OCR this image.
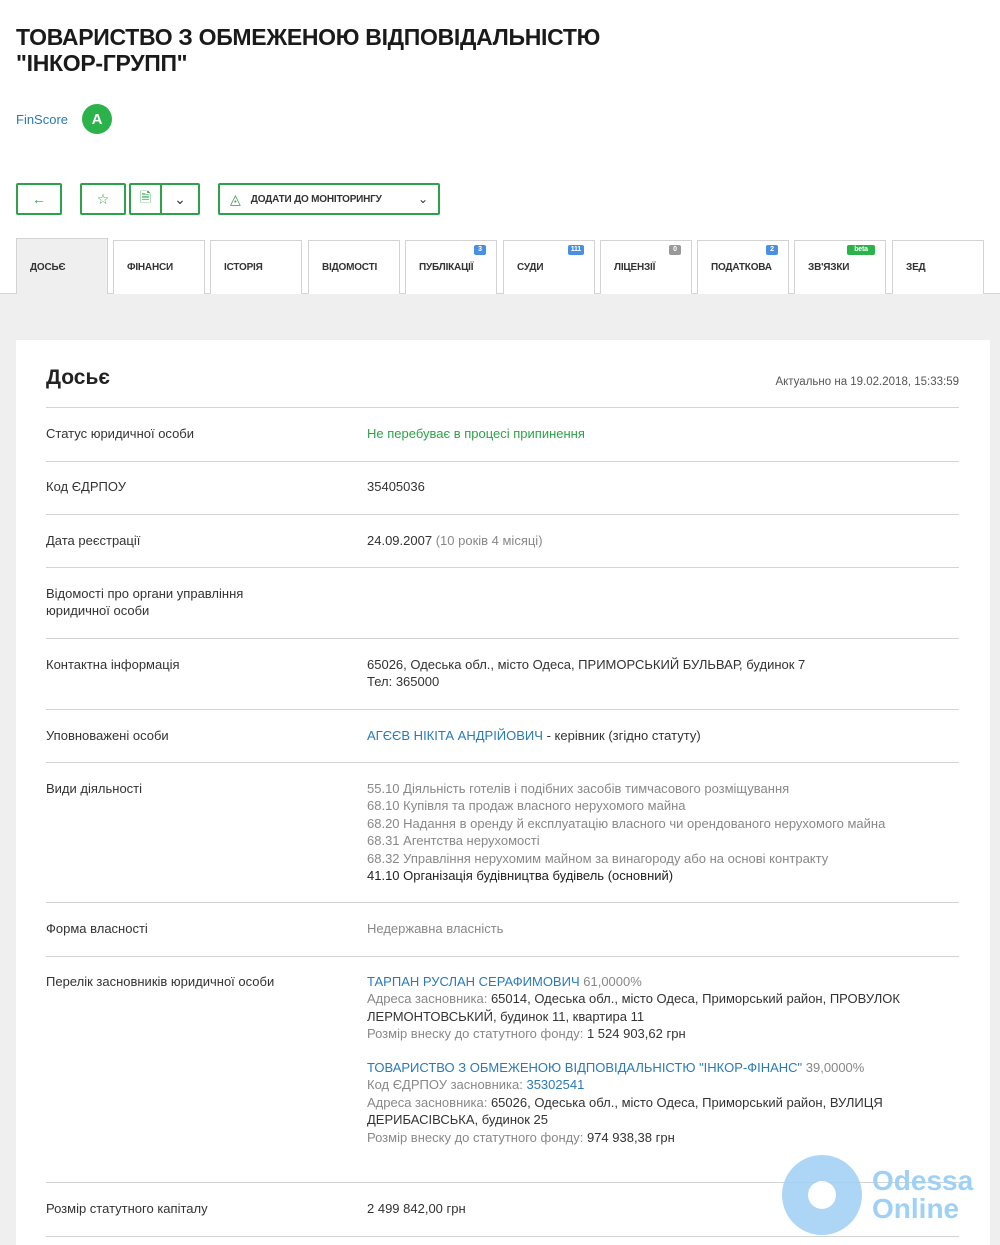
ТОВАРИСТВО З ОБМЕЖЕНОЮ ВІДПОВІДАЛЬНІСТЮ "ІНКОР-ГРУПП"
FinScore	A
←	☆ 🗎 ⌄	◬ ДОДАТИ ДО МОНІТОРИНГУ	⌄
ДОСЬЄ	ФІНАНСИ	ІСТОРІЯ	ВІДОМОСТІ	ПУБЛІКАЦІЇ
3
СУДИ
111
ЛІЦЕНЗІЇ
0
ПОДАТКОВА
2
ЗВ'ЯЗКИ
beta
ЗЕД
Досьє	Актуально на 19.02.2018, 15:33:59
Статус юридичної особи	Не перебуває в процесі припинення
Код ЄДРПОУ	35405036
Дата реєстрації	24.09.2007 (10 років 4 місяці)
Відомості про органи управління юридичної особи
Контактна інформація	65026, Одеська обл., місто Одеса, ПРИМОРСЬКИЙ БУЛЬВАР, будинок 7
Тел: 365000
Уповноважені особи	АГЄЄВ НІКІТА АНДРІЙОВИЧ - керівник (згідно статуту)
Види діяльності	55.10 Діяльність готелів і подібних засобів тимчасового розміщування
68.10 Купівля та продаж власного нерухомого майна
68.20 Надання в оренду й експлуатацію власного чи орендованого нерухомого майна
68.31 Агентства нерухомості
68.32 Управління нерухомим майном за винагороду або на основі контракту
41.10 Організація будівництва будівель (основний)
Форма власності	Недержавна власність
Перелік засновників юридичної особи	ТАРПАН РУСЛАН СЕРАФИМОВИЧ 61,0000%
Адреса засновника: 65014, Одеська обл., місто Одеса, Приморський район, ПРОВУЛОК ЛЕРМОНТОВСЬКИЙ, будинок 11, квартира 11
Розмір внеску до статутного фонду: 1 524 903,62 грн
ТОВАРИСТВО З ОБМЕЖЕНОЮ ВІДПОВІДАЛЬНІСТЮ "ІНКОР-ФІНАНС" 39,0000%
Код ЄДРПОУ засновника: 35302541
Адреса засновника: 65026, Одеська обл., місто Одеса, Приморський район, ВУЛИЦЯ ДЕРИБАСІВСЬКА, будинок 25
Розмір внеску до статутного фонду: 974 938,38 грн
Розмір статутного капіталу	2 499 842,00 грн
Odessa
Online
